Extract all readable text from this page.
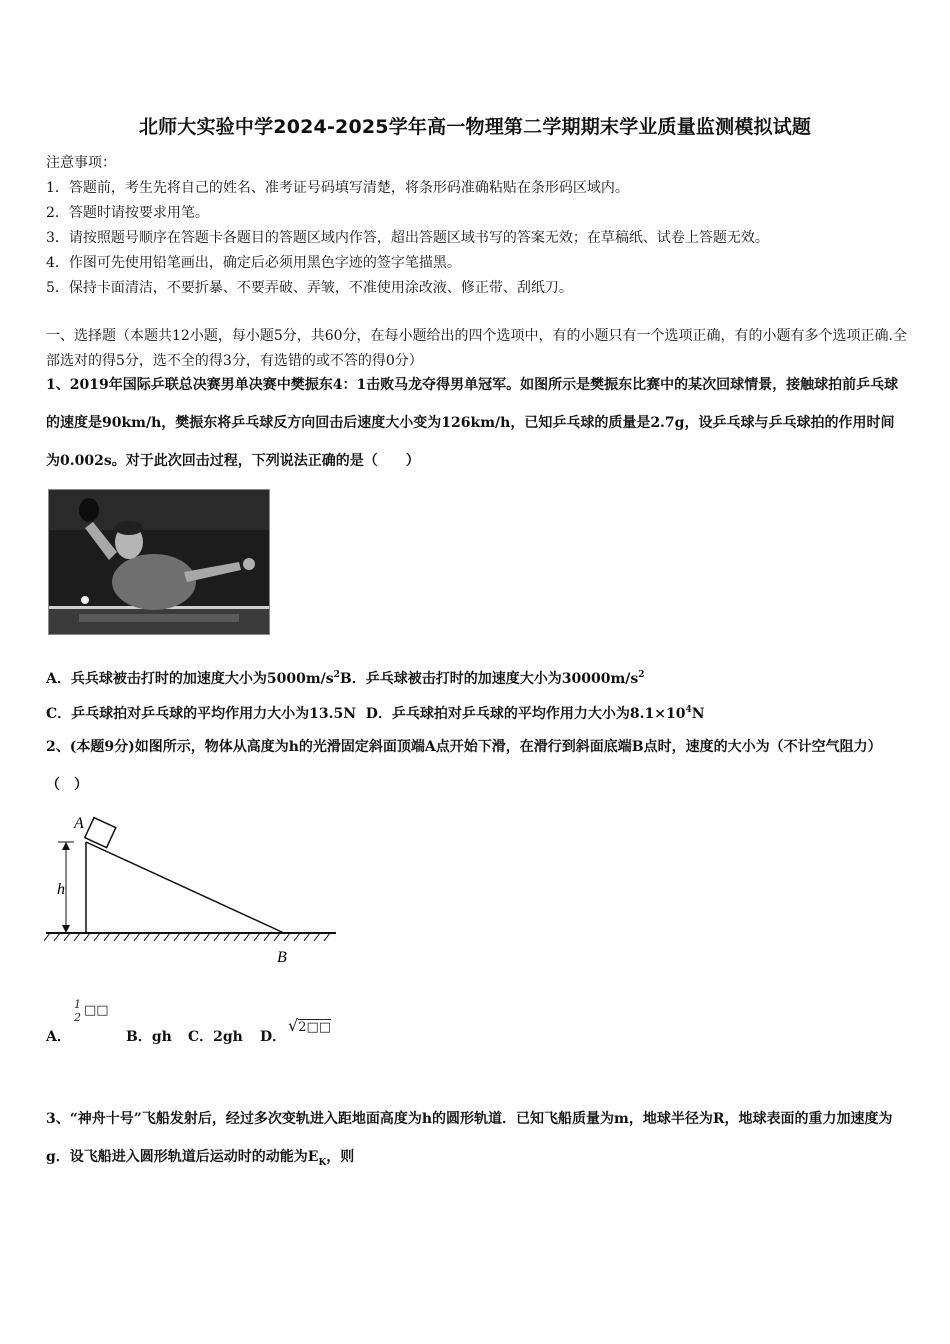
北师大实验中学2024-2025学年高一物理第二学期期末学业质量监测模拟试题
注意事项：
1．答题前，考生先将自己的姓名、准考证号码填写清楚，将条形码准确粘贴在条形码区域内。
2．答题时请按要求用笔。
3．请按照题号顺序在答题卡各题目的答题区域内作答，超出答题区域书写的答案无效；在草稿纸、试卷上答题无效。
4．作图可先使用铅笔画出，确定后必须用黑色字迹的签字笔描黑。
5．保持卡面清洁，不要折暴、不要弄破、弄皱，不准使用涂改液、修正带、刮纸刀。
一、选择题（本题共12小题，每小题5分，共60分，在每小题给出的四个选项中，有的小题只有一个选项正确，有的小题有多个选项正确.全部选对的得5分，选不全的得3分，有选错的或不答的得0分）
1、2019年国际乒联总决赛男单决赛中樊振东4：1击败马龙夺得男单冠军。如图所示是樊振东比赛中的某次回球情景，接触球拍前乒乓球的速度是90km/h，樊振东将乒乓球反方向回击后速度大小变为126km/h，已知乒乓球的质量是2.7g，设乒乓球与乒乓球拍的作用时间为0.002s。对于此次回击过程，下列说法正确的是（　　）
A．兵兵球被击打时的加速度大小为$5000m/s^2B$．乒乓球被击打时的加速度大小为$30000m/s^2$
C．乒乓球拍对乒乓球的平均作用力大小为13.5N D．乒乓球拍对乒乓球的平均作用力大小为$8.1\times 10^4N$
2、(本题9分)如图所示，物体从高度为h的光滑固定斜面顶端A点开始下滑，在滑行到斜面底端B点时，速度的大小为（不计空气阻力）（　）
A
h
B
A．
1
2 □□
B．gh C．2gh D．
√2□□
3、“神舟十号”飞船发射后，经过多次变轨进入距地面高度为h的圆形轨道．已知飞船质量为m，地球半径为R，地球表面的重力加速度为g．设飞船进入圆形轨道后运动时的动能为$E_K$，则
